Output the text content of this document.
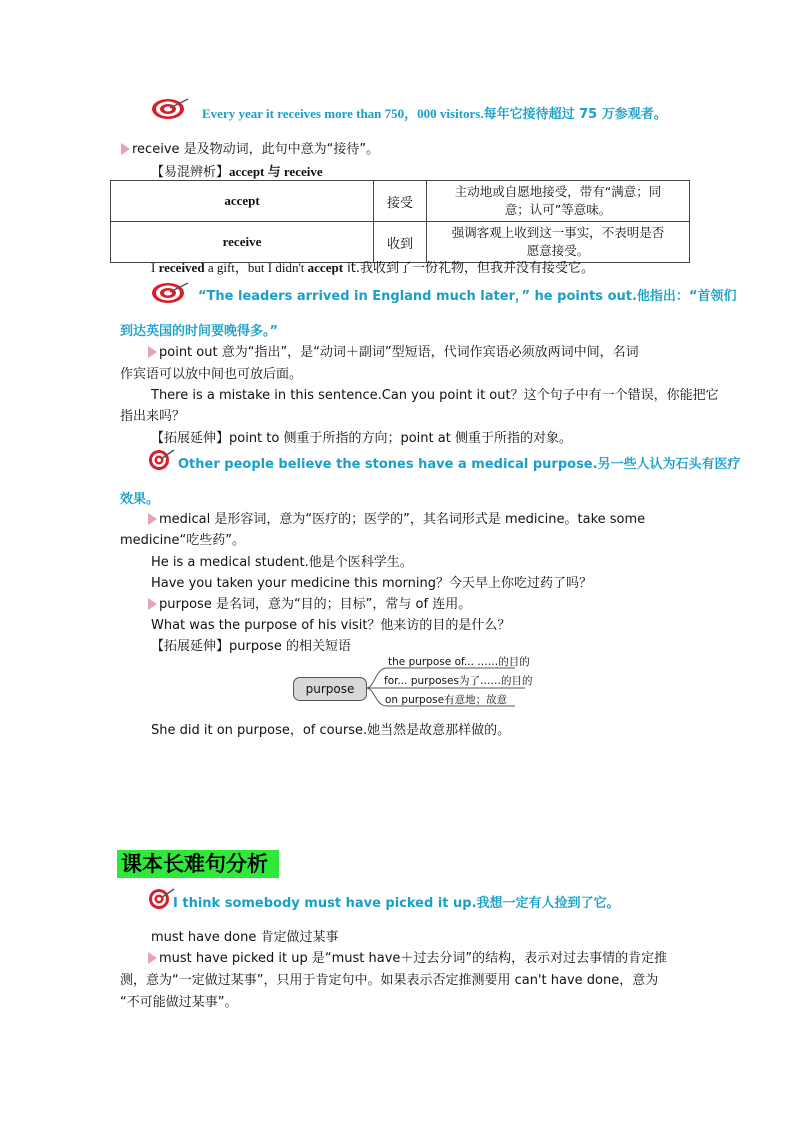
Every year it receives more than 750，000 visitors.每年它接待超过 75 万参观者。
receive 是及物动词，此句中意为“接待”。
【易混辨析】accept 与 receive
accept	接受	主动地或自愿地接受，带有“满意；同
意；认可”等意味。
receive	收到	强调客观上收到这一事实，不表明是否
愿意接受。
I received a gift，but I didn't accept it.我收到了一份礼物，但我并没有接受它。
“The leaders arrived in England much later，” he points out.他指出：“首领们
到达英国的时间要晚得多。”
point out 意为“指出”，是“动词＋副词”型短语，代词作宾语必须放两词中间，名词
作宾语可以放中间也可放后面。
There is a mistake in this sentence.Can you point it out？这个句子中有一个错误，你能把它
指出来吗？
【拓展延伸】point to 侧重于所指的方向；point at 侧重于所指的对象。
Other people believe the stones have a medical purpose.另一些人认为石头有医疗
效果。
medical 是形容词，意为“医疗的；医学的”，其名词形式是 medicine。take some
medicine“吃些药”。
He is a medical student.他是个医科学生。
Have you taken your medicine this morning？今天早上你吃过药了吗？
purpose 是名词，意为“目的；目标”，常与 of 连用。
What was the purpose of his visit？他来访的目的是什么？
【拓展延伸】purpose 的相关短语
purpose
the purpose of... ……的目的
for... purposes为了……的目的
on purpose有意地；故意
She did it on purpose，of course.她当然是故意那样做的。
课本长难句分析
I think somebody must have picked it up.我想一定有人捡到了它。
must have done 肯定做过某事
must have picked it up 是“must have＋过去分词”的结构，表示对过去事情的肯定推
测，意为“一定做过某事”，只用于肯定句中。如果表示否定推测要用 can't have done，意为
“不可能做过某事”。
